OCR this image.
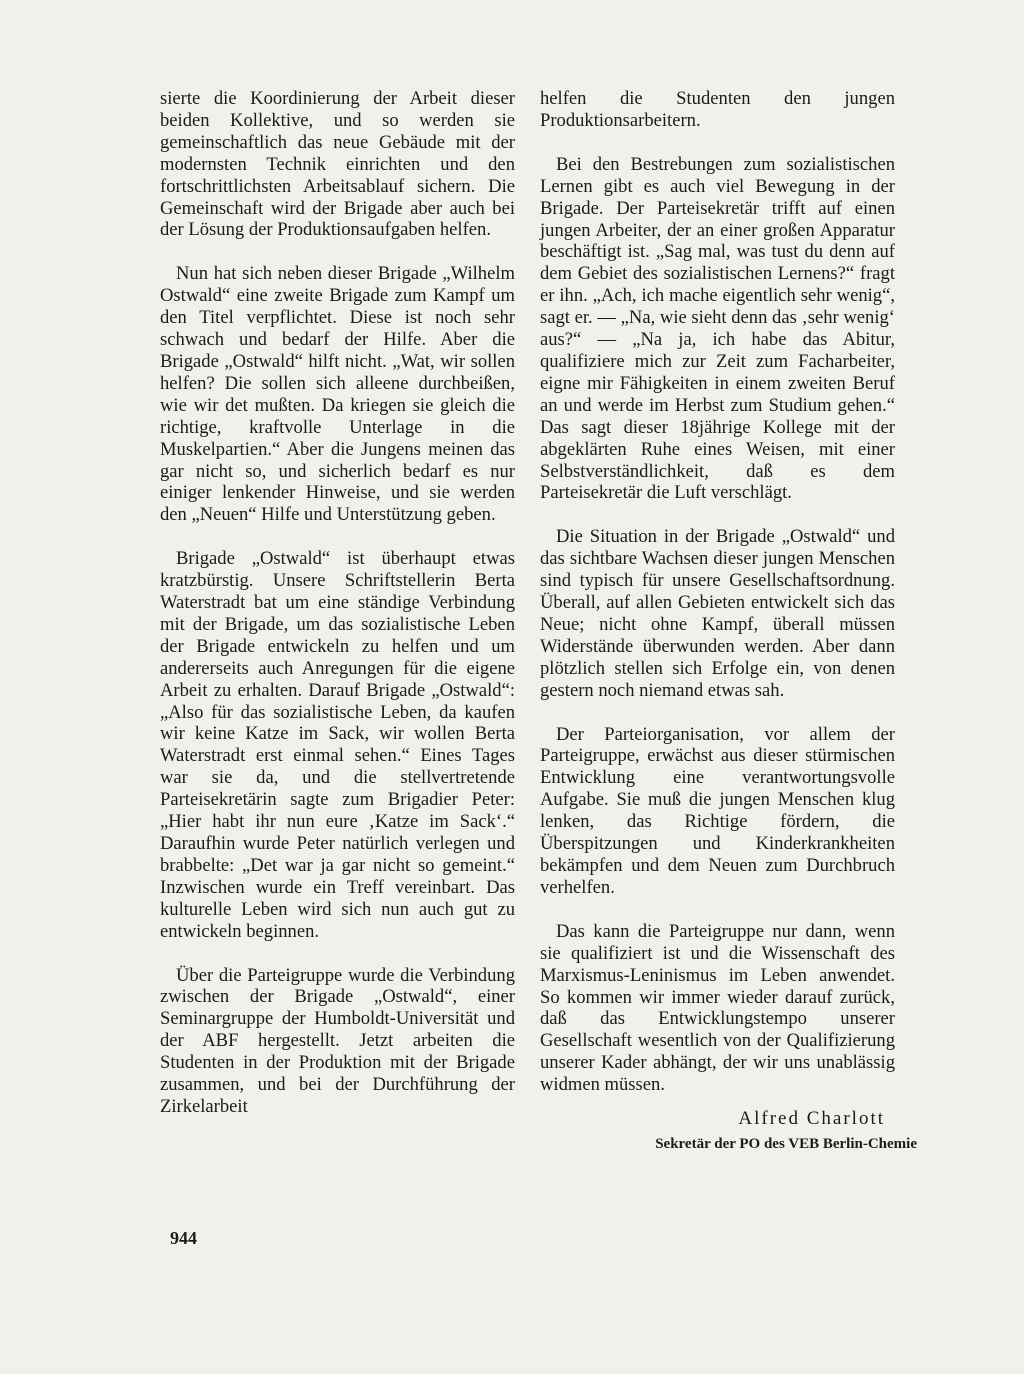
sierte die Koordinierung der Arbeit dieser beiden Kollektive, und so werden sie gemeinschaftlich das neue Gebäude mit der modernsten Technik einrichten und den fortschrittlichsten Arbeitsablauf sichern. Die Gemeinschaft wird der Brigade aber auch bei der Lösung der Produktionsaufgaben helfen.

Nun hat sich neben dieser Brigade „Wilhelm Ostwald“ eine zweite Brigade zum Kampf um den Titel verpflichtet. Diese ist noch sehr schwach und bedarf der Hilfe. Aber die Brigade „Ostwald“ hilft nicht. „Wat, wir sollen helfen? Die sollen sich alleene durchbeißen, wie wir det mußten. Da kriegen sie gleich die richtige, kraftvolle Unterlage in die Muskelpartien.“ Aber die Jungens meinen das gar nicht so, und sicherlich bedarf es nur einiger lenkender Hinweise, und sie werden den „Neuen“ Hilfe und Unterstützung geben.

Brigade „Ostwald“ ist überhaupt etwas kratzbürstig. Unsere Schriftstellerin Berta Waterstradt bat um eine ständige Verbindung mit der Brigade, um das sozialistische Leben der Brigade entwickeln zu helfen und um andererseits auch Anregungen für die eigene Arbeit zu erhalten. Darauf Brigade „Ostwald“: „Also für das sozialistische Leben, da kaufen wir keine Katze im Sack, wir wollen Berta Waterstradt erst einmal sehen.“ Eines Tages war sie da, und die stellvertretende Parteisekretärin sagte zum Brigadier Peter: „Hier habt ihr nun eure ‚Katze im Sack‘.“ Daraufhin wurde Peter natürlich verlegen und brabbelte: „Det war ja gar nicht so gemeint.“ Inzwischen wurde ein Treff vereinbart. Das kulturelle Leben wird sich nun auch gut zu entwickeln beginnen.

Über die Parteigruppe wurde die Verbindung zwischen der Brigade „Ostwald“, einer Seminargruppe der Humboldt-Universität und der ABF hergestellt. Jetzt arbeiten die Studenten in der Produktion mit der Brigade zusammen, und bei der Durchführung der Zirkelarbeit

helfen die Studenten den jungen Produktionsarbeitern.

Bei den Bestrebungen zum sozialistischen Lernen gibt es auch viel Bewegung in der Brigade. Der Parteisekretär trifft auf einen jungen Arbeiter, der an einer großen Apparatur beschäftigt ist. „Sag mal, was tust du denn auf dem Gebiet des sozialistischen Lernens?“ fragt er ihn. „Ach, ich mache eigentlich sehr wenig“, sagt er. — „Na, wie sieht denn das ‚sehr wenig‘ aus?“ — „Na ja, ich habe das Abitur, qualifiziere mich zur Zeit zum Facharbeiter, eigne mir Fähigkeiten in einem zweiten Beruf an und werde im Herbst zum Studium gehen.“ Das sagt dieser 18jährige Kollege mit der abgeklärten Ruhe eines Weisen, mit einer Selbstverständlichkeit, daß es dem Parteisekretär die Luft verschlägt.

Die Situation in der Brigade „Ostwald“ und das sichtbare Wachsen dieser jungen Menschen sind typisch für unsere Gesellschaftsordnung. Überall, auf allen Gebieten entwickelt sich das Neue; nicht ohne Kampf, überall müssen Widerstände überwunden werden. Aber dann plötzlich stellen sich Erfolge ein, von denen gestern noch niemand etwas sah.

Der Parteiorganisation, vor allem der Parteigruppe, erwächst aus dieser stürmischen Entwicklung eine verantwortungsvolle Aufgabe. Sie muß die jungen Menschen klug lenken, das Richtige fördern, die Überspitzungen und Kinderkrankheiten bekämpfen und dem Neuen zum Durchbruch verhelfen.

Das kann die Parteigruppe nur dann, wenn sie qualifiziert ist und die Wissenschaft des Marxismus-Leninismus im Leben anwendet. So kommen wir immer wieder darauf zurück, daß das Entwicklungstempo unserer Gesellschaft wesentlich von der Qualifizierung unserer Kader abhängt, der wir uns unablässig widmen müssen.

Alfred Charlott
Sekretär der PO des VEB Berlin-Chemie
944
